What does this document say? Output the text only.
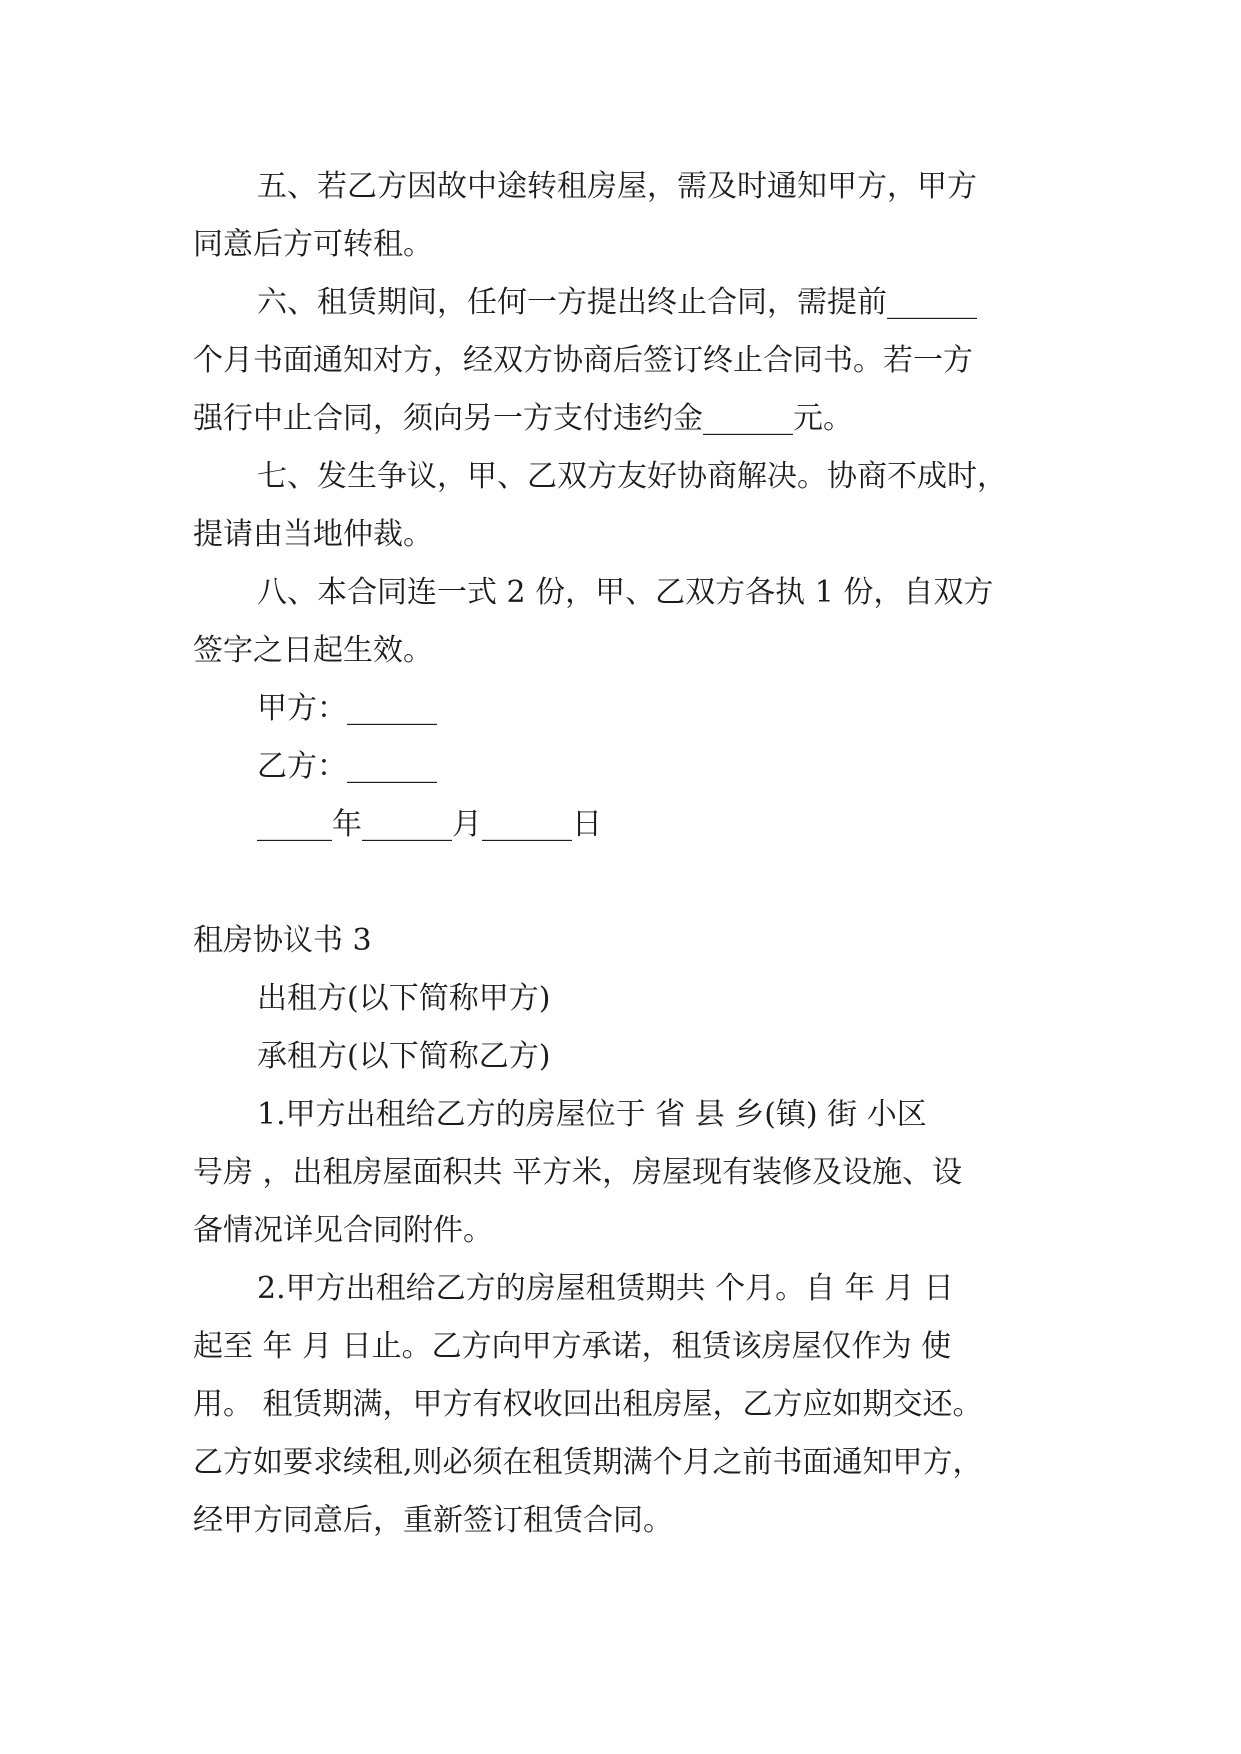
五、若乙方因故中途转租房屋，需及时通知甲方，甲方

同意后方可转租。

六、租赁期间，任何一方提出终止合同，需提前______

个月书面通知对方，经双方协商后签订终止合同书。若一方

强行中止合同，须向另一方支付违约金______元。

七、发生争议，甲、乙双方友好协商解决。协商不成时，

提请由当地仲裁。

八、本合同连一式 2 份，甲、乙双方各执 1 份，自双方

签字之日起生效。

甲方：______

乙方：______

_____年______月______日

租房协议书 3

出租方(以下简称甲方)

承租方(以下简称乙方)

1.甲方出租给乙方的房屋位于 省 县 乡(镇) 街 小区

号房 ，出租房屋面积共 平方米，房屋现有装修及设施、设

备情况详见合同附件。

2.甲方出租给乙方的房屋租赁期共 个月。自 年 月 日

起至 年 月 日止。乙方向甲方承诺，租赁该房屋仅作为 使

用。 租赁期满，甲方有权收回出租房屋，乙方应如期交还。

乙方如要求续租,则必须在租赁期满个月之前书面通知甲方，

经甲方同意后，重新签订租赁合同。
